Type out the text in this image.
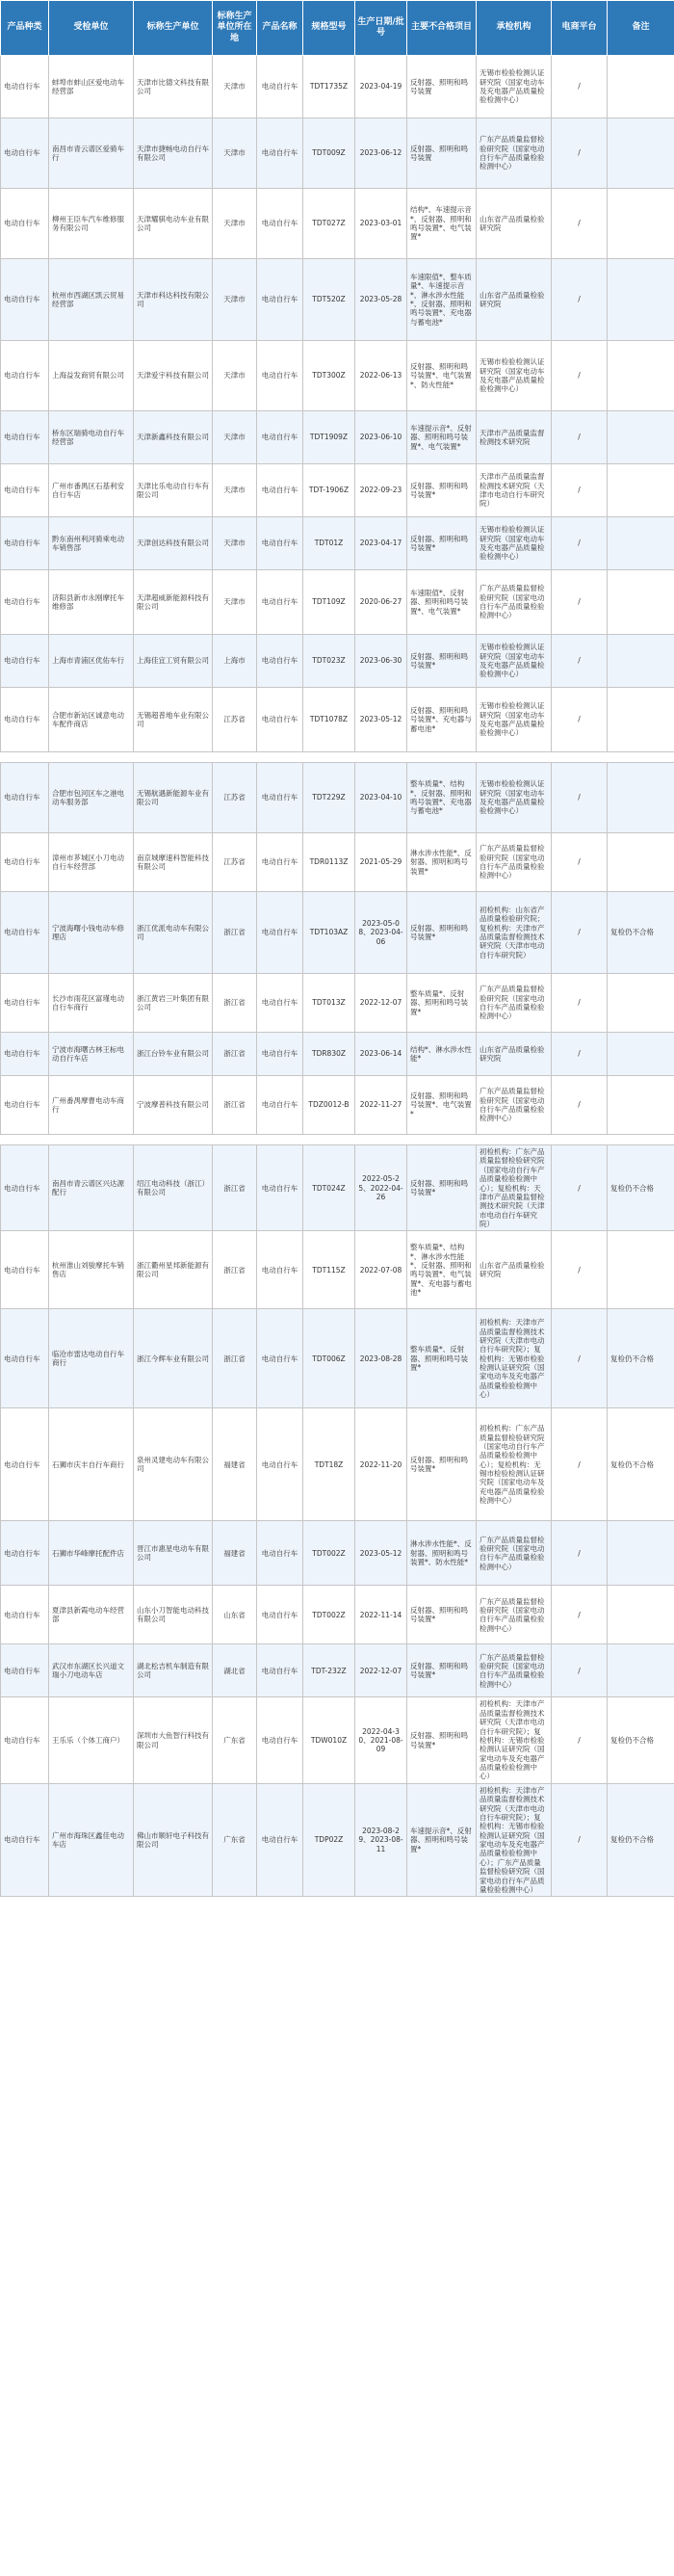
产品种类	受检单位	标称生产单位	标称生产单位所在地	产品名称	规格型号	生产日期/批号	主要不合格项目	承检机构	电商平台	备注
电动自行车	蚌埠市蚌山区爱电动车经营部	天津市比德文科技有限公司	天津市	电动自行车	TDT1735Z	2023-04-19	反射器、照明和鸣号装置	无锡市检验检测认证研究院（国家电动车及充电器产品质量检验检测中心）	/	
电动自行车	南昌市青云谱区爱骑车行	天津市捷畅电动自行车有限公司	天津市	电动自行车	TDT009Z	2023-06-12	反射器、照明和鸣号装置	广东产品质量监督检验研究院（国家电动自行车产品质量检验检测中心）	/	
电动自行车	柳州王臣车汽车维修服务有限公司	天津耀骐电动车业有限公司	天津市	电动自行车	TDT027Z	2023-03-01	结构*、车速提示音*、反射器、照明和鸣号装置*、电气装置*	山东省产品质量检验研究院	/	
电动自行车	杭州市西湖区凯云贸易经营部	天津市科达科技有限公司	天津市	电动自行车	TDT520Z	2023-05-28	车速限值*、整车质量*、车速提示音*、淋水涉水性能*、反射器、照明和鸣号装置*、充电器与蓄电池*	山东省产品质量检验研究院	/	
电动自行车	上海益发商贸有限公司	天津爱宇科技有限公司	天津市	电动自行车	TDT300Z	2022-06-13	反射器、照明和鸣号装置*、电气装置*、防火性能*	无锡市检验检测认证研究院（国家电动车及充电器产品质量检验检测中心）	/	
电动自行车	桥东区瑞骑电动自行车经营部	天津新鑫科技有限公司	天津市	电动自行车	TDT1909Z	2023-06-10	车速提示音*、反射器、照明和鸣号装置*、电气装置*	天津市产品质量监督检测技术研究院	/	
电动自行车	广州市番禺区石基利安自行车店	天津比乐电动自行车有限公司	天津市	电动自行车	TDT-1906Z	2022-09-23	反射器、照明和鸣号装置*	天津市产品质量监督检测技术研究院（天津市电动自行车研究院）	/	
电动自行车	黔东南州利河骑乘电动车销售部	天津创达科技有限公司	天津市	电动自行车	TDT01Z	2023-04-17	反射器、照明和鸣号装置*	无锡市检验检测认证研究院（国家电动车及充电器产品质量检验检测中心）	/	
电动自行车	济阳县新市永刚摩托车维修部	天津超威新能源科技有限公司	天津市	电动自行车	TDT109Z	2020-06-27	车速限值*、反射器、照明和鸣号装置*、电气装置*	广东产品质量监督检验研究院（国家电动自行车产品质量检验检测中心）	/	
电动自行车	上海市青浦区优佑车行	上海佳宜工贸有限公司	上海市	电动自行车	TDT023Z	2023-06-30	反射器、照明和鸣号装置*	无锡市检验检测认证研究院（国家电动车及充电器产品质量检验检测中心）	/	
电动自行车	合肥市新站区诚意电动车配件商店	无锡超普地车业有限公司	江苏省	电动自行车	TDT1078Z	2023-05-12	反射器、照明和鸣号装置*、充电器与蓄电池*	无锡市检验检测认证研究院（国家电动车及充电器产品质量检验检测中心）	/	

电动自行车	合肥市包河区车之港电动车服务部	无锡航遇新能源车业有限公司	江苏省	电动自行车	TDT229Z	2023-04-10	整车质量*、结构*、反射器、照明和鸣号装置*、充电器与蓄电池*	无锡市检验检测认证研究院（国家电动车及充电器产品质量检验检测中心）	/	
电动自行车	漳州市芗城区小刀电动自行车经营部	南京城摩速科智能科技有限公司	江苏省	电动自行车	TDR0113Z	2021-05-29	淋水涉水性能*、反射器、照明和鸣号装置*	广东产品质量监督检验研究院（国家电动自行车产品质量检验检测中心）	/	
电动自行车	宁波海曙小钱电动车修理店	浙江优派电动车有限公司	浙江省	电动自行车	TDT103AZ	2023-05-08、2023-04-06	反射器、照明和鸣号装置*	初检机构：山东省产品质量检验研究院；复检机构：天津市产品质量监督检测技术研究院（天津市电动自行车研究院）	/	复检仍不合格
电动自行车	长沙市雨花区富瑾电动自行车商行	浙江黄岩三叶集团有限公司	浙江省	电动自行车	TDT013Z	2022-12-07	整车质量*、反射器、照明和鸣号装置*	广东产品质量监督检验研究院（国家电动自行车产品质量检验检测中心）	/	
电动自行车	宁波市海曙古林王标电动自行车店	浙江台铃车业有限公司	浙江省	电动自行车	TDR830Z	2023-06-14	结构*、淋水涉水性能*	山东省产品质量检验研究院	/	
电动自行车	广州番禺摩曹电动车商行	宁波摩普科技有限公司	浙江省	电动自行车	TDZ0012-B	2022-11-27	反射器、照明和鸣号装置*、电气装置*	广东产品质量监督检验研究院（国家电动自行车产品质量检验检测中心）	/	

电动自行车	南昌市青云谱区兴达源配行	绍江电动科技（浙江）有限公司	浙江省	电动自行车	TDT024Z	2022-05-25、2022-04-26	反射器、照明和鸣号装置*	初检机构：广东产品质量监督检验研究院（国家电动自行车产品质量检验检测中心）；复检机构：天津市产品质量监督检测技术研究院（天津市电动自行车研究院）	/	复检仍不合格
电动自行车	杭州淮山刘骏摩托车销售店	浙江衢州星邦新能源有限公司	浙江省	电动自行车	TDT115Z	2022-07-08	整车质量*、结构*、淋水涉水性能*、反射器、照明和鸣号装置*、电气装置*、充电器与蓄电池*	山东省产品质量检验研究院	/	
电动自行车	临沧市雷达电动自行车商行	浙江今辉车业有限公司	浙江省	电动自行车	TDT006Z	2023-08-28	整车质量*、反射器、照明和鸣号装置*	初检机构：天津市产品质量监督检测技术研究院（天津市电动自行车研究院）；复检机构：无锡市检验检测认证研究院（国家电动车及充电器产品质量检验检测中心）	/	复检仍不合格
电动自行车	石狮市庆丰自行车商行	泉州灵建电动车有限公司	福建省	电动自行车	TDT18Z	2022-11-20	反射器、照明和鸣号装置*	初检机构：广东产品质量监督检验研究院（国家电动自行车产品质量检验检测中心）；复检机构：无锡市检验检测认证研究院（国家电动车及充电器产品质量检验检测中心）	/	复检仍不合格
电动自行车	石狮市华峰摩托配件店	晋江市惠星电动车有限公司	福建省	电动自行车	TDT002Z	2023-05-12	淋水涉水性能*、反射器、照明和鸣号装置*、防水性能*	广东产品质量监督检验研究院（国家电动自行车产品质量检验检测中心）	/	
电动自行车	夏津县新霞电动车经营部	山东小刀智能电动科技有限公司	山东省	电动自行车	TDT002Z	2022-11-14	反射器、照明和鸣号装置*	广东产品质量监督检验研究院（国家电动自行车产品质量检验检测中心）	/	
电动自行车	武汉市东湖区长兴道文瑞小刀电动车店	湖北松吉机车制造有限公司	湖北省	电动自行车	TDT-232Z	2022-12-07	反射器、照明和鸣号装置*	广东产品质量监督检验研究院（国家电动自行车产品质量检验检测中心）	/	
电动自行车	王乐乐（个体工商户）	深圳市大鱼智行科技有限公司	广东省	电动自行车	TDW010Z	2022-04-30、2021-08-09	反射器、照明和鸣号装置*	初检机构：天津市产品质量监督检测技术研究院（天津市电动自行车研究院）；复检机构：无锡市检验检测认证研究院（国家电动车及充电器产品质量检验检测中心）	/	复检仍不合格
电动自行车	广州市海珠区鑫佳电动车店	佛山市顺轩电子科技有限公司	广东省	电动自行车	TDP02Z	2023-08-29、2023-08-11	车速提示音*、反射器、照明和鸣号装置*	初检机构：天津市产品质量监督检测技术研究院（天津市电动自行车研究院）；复检机构：无锡市检验检测认证研究院（国家电动车及充电器产品质量检验检测中心）；广东产品质量监督检验研究院（国家电动自行车产品质量检验检测中心）	/	复检仍不合格
